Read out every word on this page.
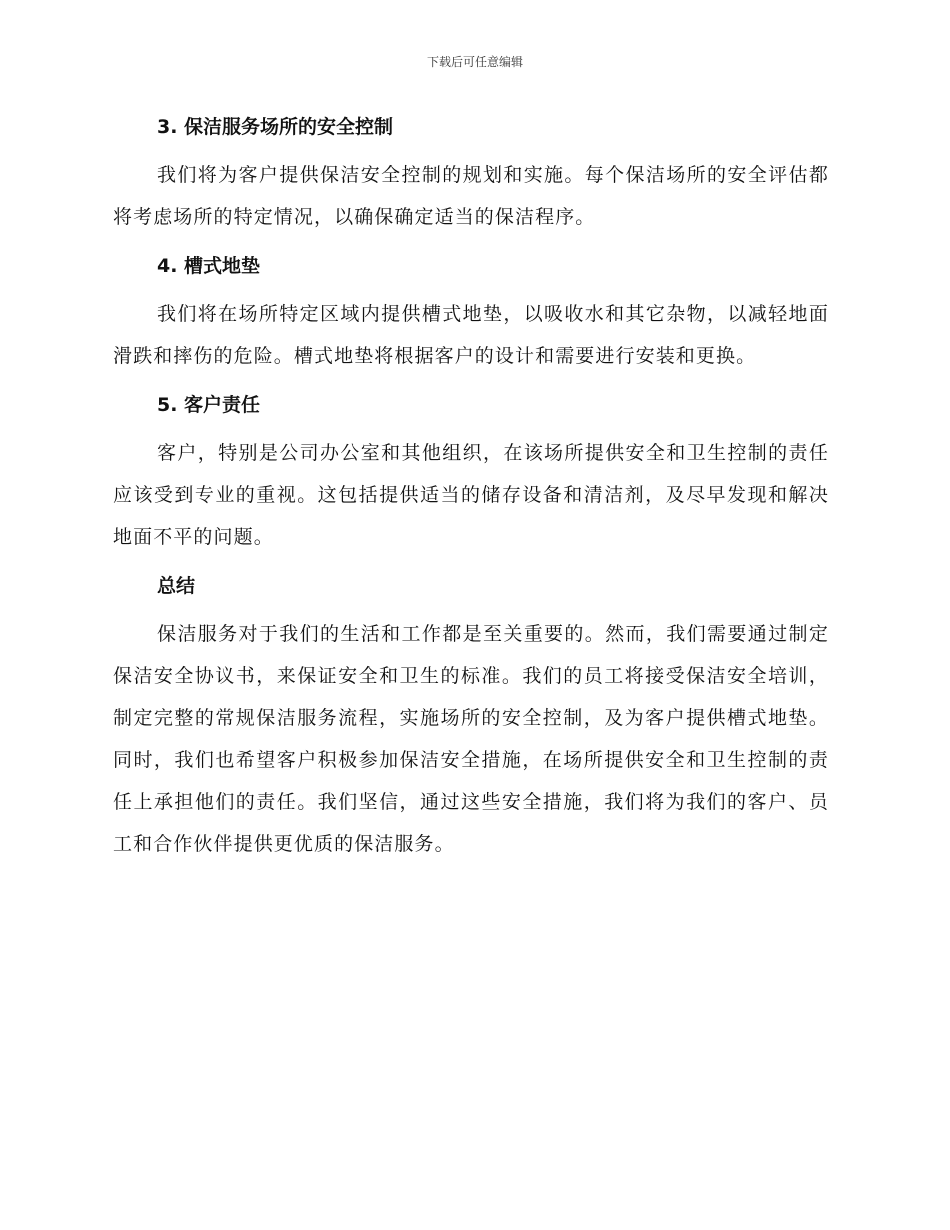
下载后可任意编辑
3. 保洁服务场所的安全控制

我们将为客户提供保洁安全控制的规划和实施。每个保洁场所的安全评估都将考虑场所的特定情况，以确保确定适当的保洁程序。

4. 槽式地垫

我们将在场所特定区域内提供槽式地垫，以吸收水和其它杂物，以减轻地面滑跌和摔伤的危险。槽式地垫将根据客户的设计和需要进行安装和更换。

5. 客户责任

客户，特别是公司办公室和其他组织，在该场所提供安全和卫生控制的责任应该受到专业的重视。这包括提供适当的储存设备和清洁剂，及尽早发现和解决地面不平的问题。

总结

保洁服务对于我们的生活和工作都是至关重要的。然而，我们需要通过制定保洁安全协议书，来保证安全和卫生的标准。我们的员工将接受保洁安全培训，制定完整的常规保洁服务流程，实施场所的安全控制，及为客户提供槽式地垫。同时，我们也希望客户积极参加保洁安全措施，在场所提供安全和卫生控制的责任上承担他们的责任。我们坚信，通过这些安全措施，我们将为我们的客户、员工和合作伙伴提供更优质的保洁服务。
